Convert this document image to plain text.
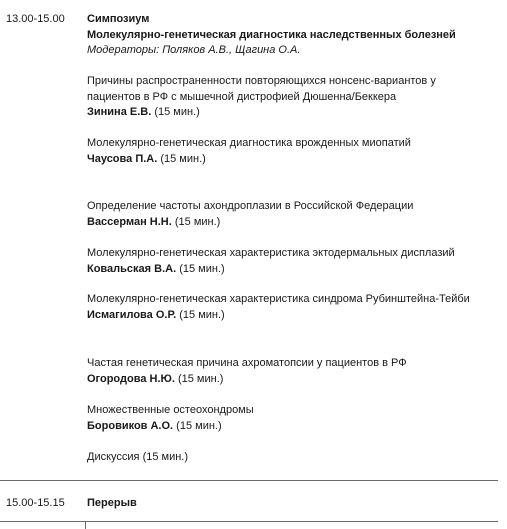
13.00-15.00 Симпозиум
Молекулярно-генетическая диагностика наследственных болезней
Модераторы: Поляков А.В., Щагина О.А.
Причины распространенности повторяющихся нонсенс-вариантов у пациентов в РФ с мышечной дистрофией Дюшенна/Беккера
Зинина Е.В. (15 мин.)
Молекулярно-генетическая диагностика врожденных миопатий
Чаусова П.А. (15 мин.)
Определение частоты ахондроплазии в Российской Федерации
Вассерман Н.Н. (15 мин.)
Молекулярно-генетическая характеристика эктодермальных дисплазий
Ковальская В.А. (15 мин.)
Молекулярно-генетическая характеристика синдрома Рубинштейна-Тейби
Исмагилова О.Р. (15 мин.)
Частая генетическая причина ахроматопсии у пациентов в РФ
Огородова Н.Ю. (15 мин.)
Множественные остеохондромы
Боровиков А.О. (15 мин.)
Дискуссия (15 мин.)
15.00-15.15 Перерыв
